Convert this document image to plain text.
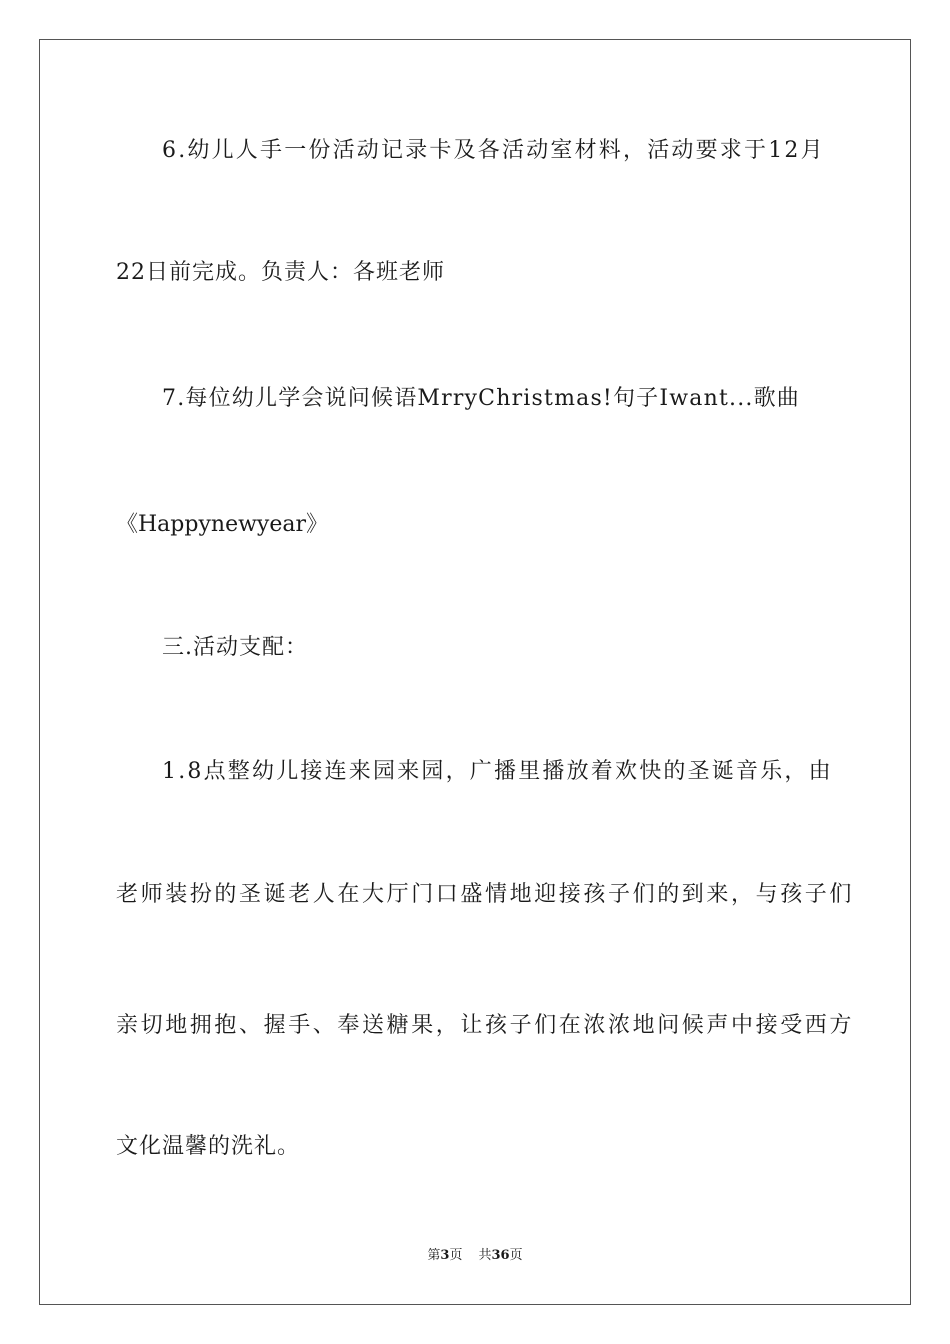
6.幼儿人手一份活动记录卡及各活动室材料，活动要求于12月
22日前完成。负责人：各班老师
7.每位幼儿学会说问候语MrryChristmas!句子Iwant...歌曲
《Happynewyear》
三.活动支配：
1.8点整幼儿接连来园来园，广播里播放着欢快的圣诞音乐，由
老师装扮的圣诞老人在大厅门口盛情地迎接孩子们的到来，与孩子们
亲切地拥抱、握手、奉送糖果，让孩子们在浓浓地问候声中接受西方
文化温馨的洗礼。
第3页 共36页
